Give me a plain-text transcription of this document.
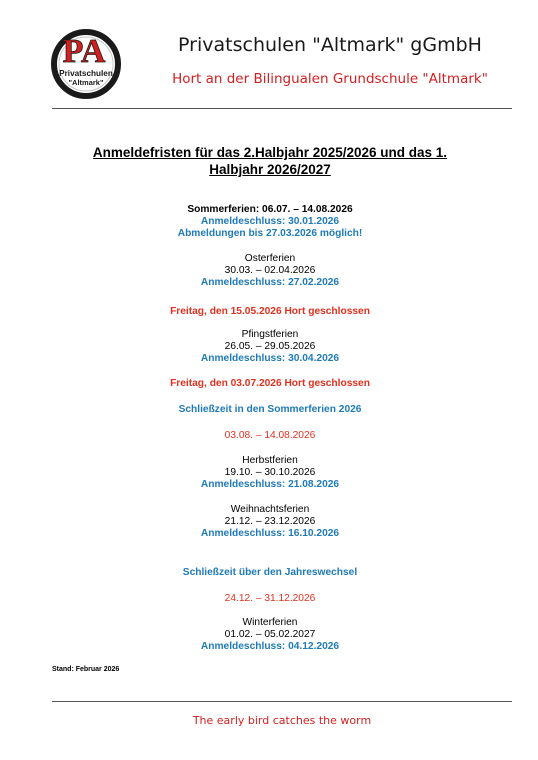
PA
Privatschulen
"Altmark"
Privatschulen "Altmark" gGmbH
Hort an der Bilingualen Grundschule "Altmark"
Anmeldefristen für das 2.Halbjahr 2025/2026 und das 1.
Halbjahr 2026/2027
Sommerferien: 06.07. – 14.08.2026
Anmeldeschluss: 30.01.2026
Abmeldungen bis 27.03.2026 möglich!
Osterferien
30.03. – 02.04.2026
Anmeldeschluss: 27.02.2026
Freitag, den 15.05.2026 Hort geschlossen
Pfingstferien
26.05. – 29.05.2026
Anmeldeschluss: 30.04.2026
Freitag, den 03.07.2026 Hort geschlossen
Schließzeit in den Sommerferien 2026
03.08. – 14.08.2026
Herbstferien
19.10. – 30.10.2026
Anmeldeschluss: 21.08.2026
Weihnachtsferien
21.12. – 23.12.2026
Anmeldeschluss: 16.10.2026
Schließzeit über den Jahreswechsel
24.12. – 31.12.2026
Winterferien
01.02. – 05.02.2027
Anmeldeschluss: 04.12.2026
Stand: Februar 2026
The early bird catches the worm
